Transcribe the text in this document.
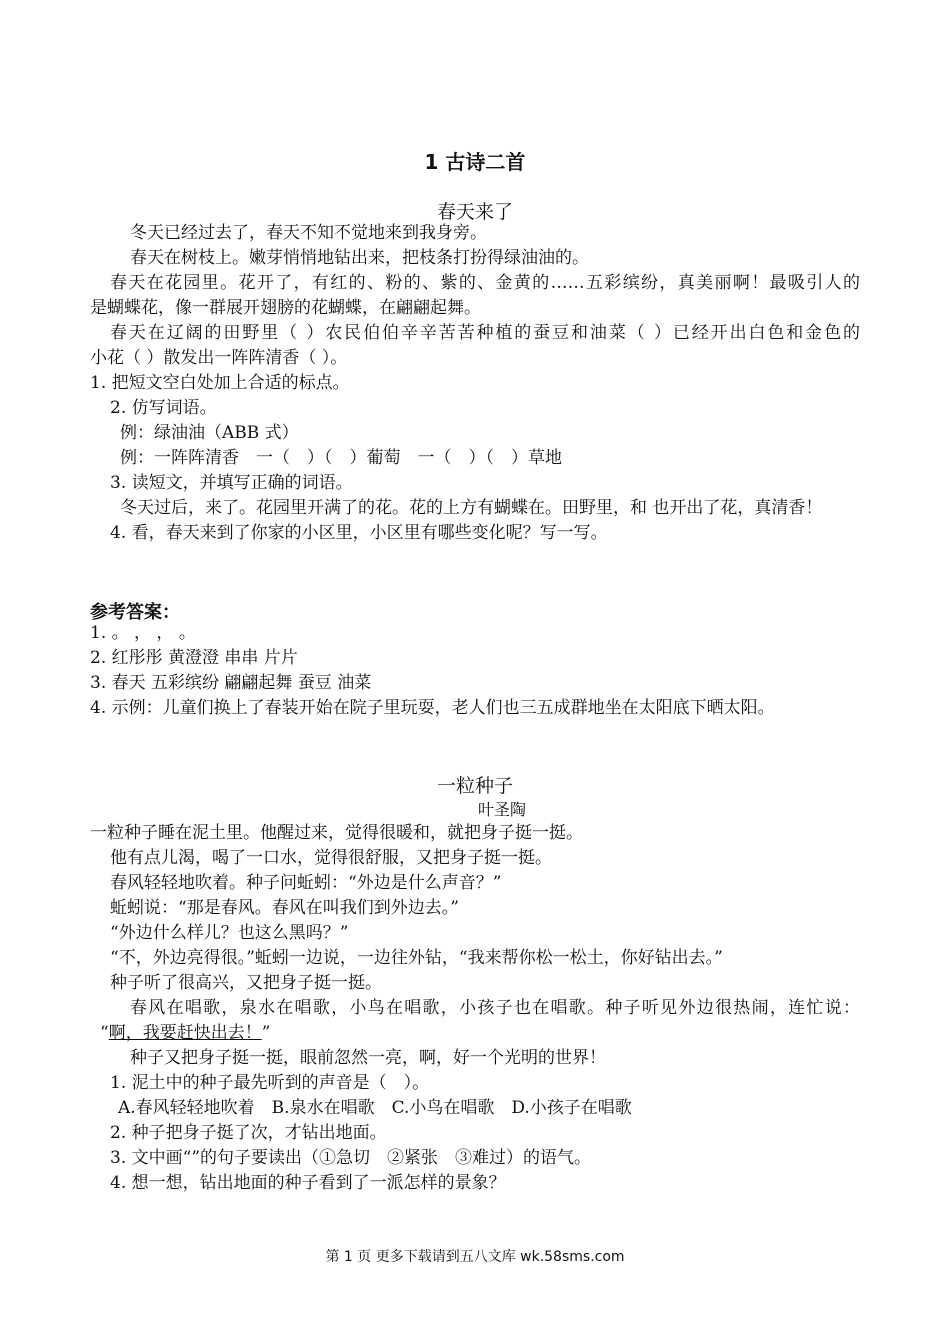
1 古诗二首
春天来了
冬天已经过去了，春天不知不觉地来到我身旁。
春天在树枝上。嫩芽悄悄地钻出来，把枝条打扮得绿油油的。
春天在花园里。花开了，有红的、粉的、紫的、金黄的……五彩缤纷，真美丽啊！最吸引人的
是蝴蝶花，像一群展开翅膀的花蝴蝶，在翩翩起舞。
春天在辽阔的田野里（ ）农民伯伯辛辛苦苦种植的蚕豆和油菜（ ）已经开出白色和金色的
小花（ ）散发出一阵阵清香（ ）。
1. 把短文空白处加上合适的标点。
2. 仿写词语。
例：绿油油（ABB 式）
例：一阵阵清香　一（　）（　）葡萄　一（　）（　）草地
3. 读短文，并填写正确的词语。
冬天过后，来了。花园里开满了的花。花的上方有蝴蝶在。田野里，和 也开出了花，真清香！
4. 看，春天来到了你家的小区里，小区里有哪些变化呢？写一写。
参考答案：
1. 。 ， ， 。
2. 红彤彤 黄澄澄 串串 片片
3. 春天 五彩缤纷 翩翩起舞 蚕豆 油菜
4. 示例：儿童们换上了春装开始在院子里玩耍，老人们也三五成群地坐在太阳底下晒太阳。
一粒种子
叶圣陶
一粒种子睡在泥土里。他醒过来，觉得很暖和，就把身子挺一挺。
他有点儿渴，喝了一口水，觉得很舒服，又把身子挺一挺。
春风轻轻地吹着。种子问蚯蚓：“外边是什么声音？”
蚯蚓说：“那是春风。春风在叫我们到外边去。”
“外边什么样儿？也这么黑吗？”
“不，外边亮得很。”蚯蚓一边说，一边往外钻，“我来帮你松一松土，你好钻出去。”
种子听了很高兴，又把身子挺一挺。
春风在唱歌，泉水在唱歌，小鸟在唱歌，小孩子也在唱歌。种子听见外边很热闹，连忙说：
“啊，我要赶快出去！”
种子又把身子挺一挺，眼前忽然一亮，啊，好一个光明的世界！
1. 泥土中的种子最先听到的声音是（　）。
A.春风轻轻地吹着　B.泉水在唱歌　C.小鸟在唱歌　D.小孩子在唱歌
2. 种子把身子挺了次，才钻出地面。
3. 文中画“”的句子要读出（①急切　②紧张　③难过）的语气。
4. 想一想，钻出地面的种子看到了一派怎样的景象？
第 1 页 更多下载请到五八文库 wk.58sms.com
